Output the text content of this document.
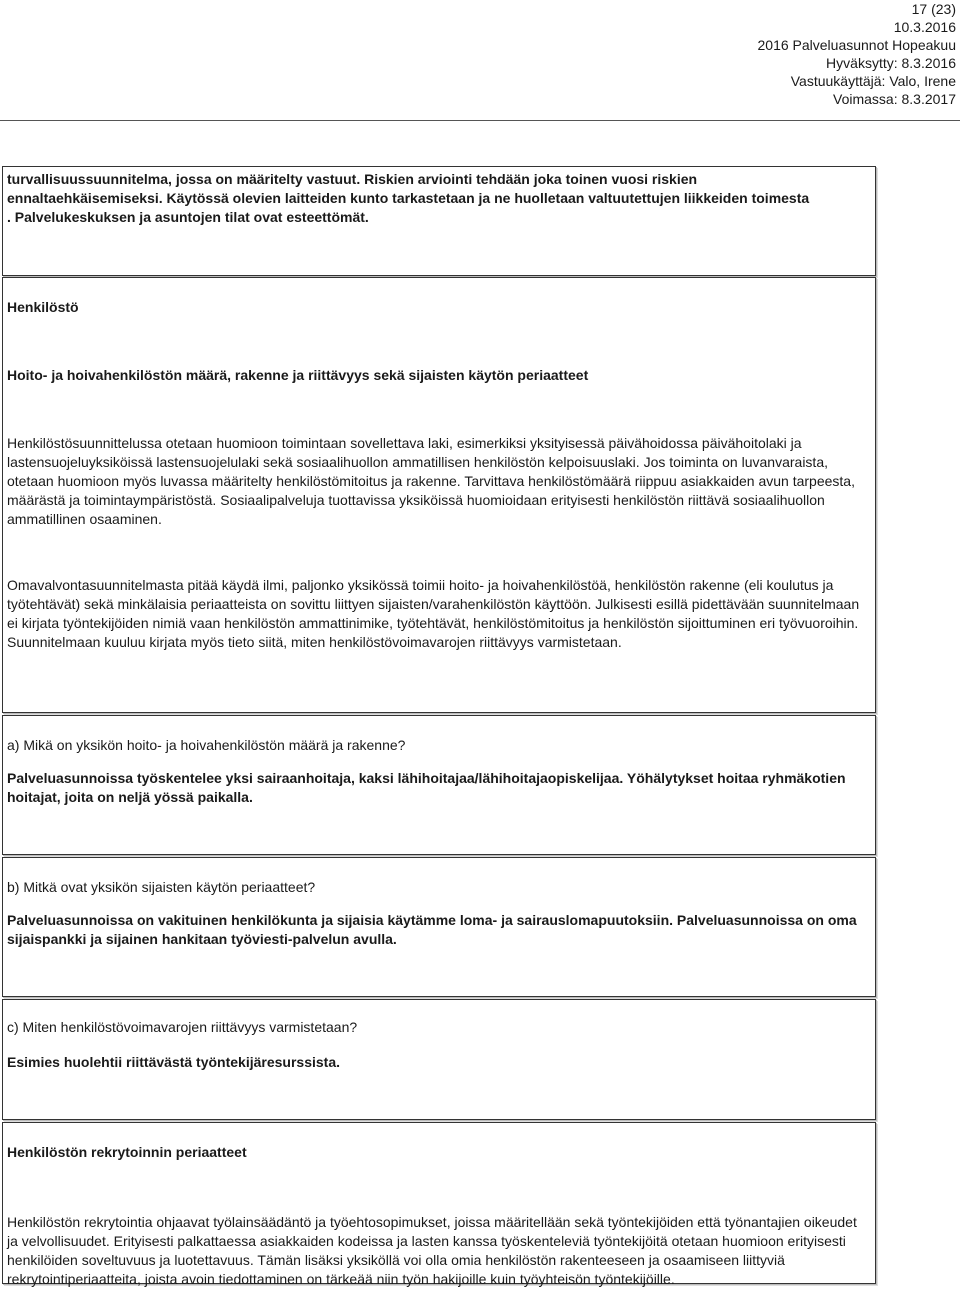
17 (23)
10.3.2016
2016 Palveluasunnot Hopeakuu
Hyväksytty: 8.3.2016
Vastuukäyttäjä: Valo, Irene
Voimassa: 8.3.2017
turvallisuussuunnitelma, jossa on määritelty vastuut. Riskien arviointi tehdään joka toinen vuosi riskien
ennaltaehkäisemiseksi. Käytössä olevien laitteiden kunto tarkastetaan ja ne huolletaan valtuutettujen liikkeiden toimesta
. Palvelukeskuksen ja asuntojen tilat ovat esteettömät.
Henkilöstö
Hoito- ja hoivahenkilöstön määrä, rakenne ja riittävyys sekä sijaisten käytön periaatteet
Henkilöstösuunnittelussa otetaan huomioon toimintaan sovellettava laki, esimerkiksi yksityisessä päivähoidossa päivähoitolaki ja lastensuojeluyksiköissä lastensuojelulaki sekä sosiaalihuollon ammatillisen henkilöstön kelpoisuuslaki. Jos toiminta on luvanvaraista, otetaan huomioon myös luvassa määritelty henkilöstömitoitus ja rakenne. Tarvittava henkilöstömäärä riippuu asiakkaiden avun tarpeesta, määrästä ja toimintaympäristöstä. Sosiaalipalveluja tuottavissa yksiköissä huomioidaan erityisesti henkilöstön riittävä sosiaalihuollon ammatillinen osaaminen.
Omavalvontasuunnitelmasta pitää käydä ilmi, paljonko yksikössä toimii hoito- ja hoivahenkilöstöä, henkilöstön rakenne (eli koulutus ja työtehtävät) sekä minkälaisia periaatteista on sovittu liittyen sijaisten/varahenkilöstön käyttöön. Julkisesti esillä pidettävään suunnitelmaan ei kirjata työntekijöiden nimiä vaan henkilöstön ammattinimike, työtehtävät, henkilöstömitoitus ja henkilöstön sijoittuminen eri työvuoroihin. Suunnitelmaan kuuluu kirjata myös tieto siitä, miten henkilöstövoimavarojen riittävyys varmistetaan.
a) Mikä on yksikön hoito- ja hoivahenkilöstön määrä ja rakenne?
Palveluasunnoissa työskentelee yksi sairaanhoitaja, kaksi lähihoitajaa/lähihoitajaopiskelijaa. Yöhälytykset hoitaa ryhmäkotien hoitajat, joita on neljä yössä paikalla.
b) Mitkä ovat yksikön sijaisten käytön periaatteet?
Palveluasunnoissa on vakituinen henkilökunta ja sijaisia käytämme loma- ja sairauslomapuutoksiin. Palveluasunnoissa on oma sijaispankki ja sijainen hankitaan työviesti-palvelun avulla.
c) Miten henkilöstövoimavarojen riittävyys varmistetaan?
Esimies huolehtii riittävästä työntekijäresurssista.
Henkilöstön rekrytoinnin periaatteet
Henkilöstön rekrytointia ohjaavat työlainsäädäntö ja työehtosopimukset, joissa määritellään sekä työntekijöiden että työnantajien oikeudet ja velvollisuudet. Erityisesti palkattaessa asiakkaiden kodeissa ja lasten kanssa työskenteleviä työntekijöitä otetaan huomioon erityisesti henkilöiden soveltuvuus ja luotettavuus. Tämän lisäksi yksiköllä voi olla omia henkilöstön rakenteeseen ja osaamiseen liittyviä rekrytointiperiaatteita, joista avoin tiedottaminen on tärkeää niin työn hakijoille kuin työyhteisön työntekijöille.
